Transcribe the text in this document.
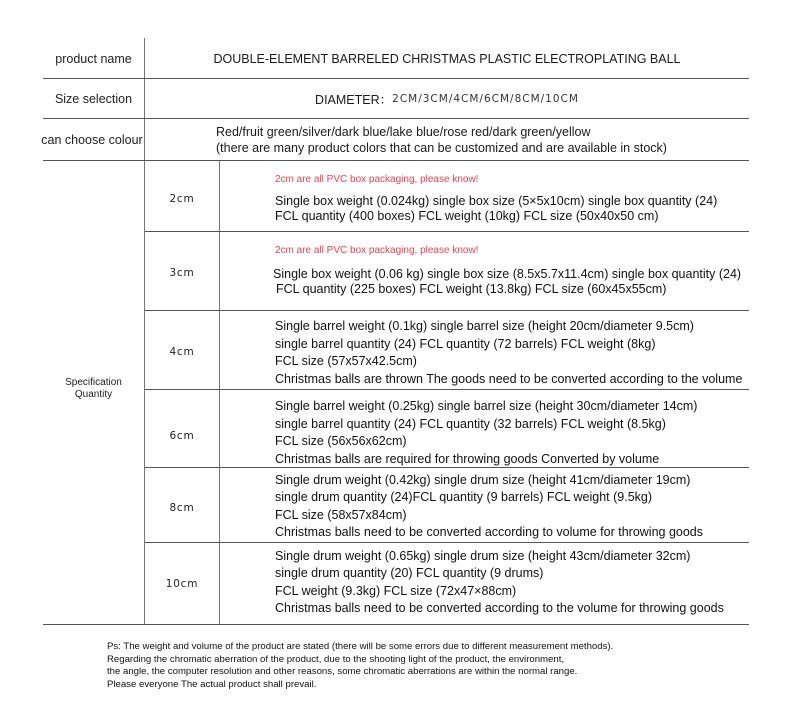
product name	DOUBLE-ELEMENT BARRELED CHRISTMAS PLASTIC ELECTROPLATING BALL
Size selection	DIAMETER： 2CM/3CM/4CM/6CM/8CM/10CM
can choose colour
Red/fruit green/silver/dark blue/lake blue/rose red/dark green/yellow
(there are many product colors that can be customized and are available in stock)
Specification
Quantity
2cm
2cm are all PVC box packaging, please know!
Single box weight (0.024kg) single box size (5×5x10cm) single box quantity (24)
FCL quantity (400 boxes) FCL weight (10kg) FCL size (50x40x50 cm)
3cm
2cm are all PVC box packaging, please know!
Single box weight (0.06 kg) single box size (8.5x5.7x11.4cm) single box quantity (24)
FCL quantity (225 boxes) FCL weight (13.8kg) FCL size (60x45x55cm)
4cm
Single barrel weight (0.1kg) single barrel size (height 20cm/diameter 9.5cm)
single barrel quantity (24) FCL quantity (72 barrels) FCL weight (8kg)
FCL size (57x57x42.5cm)
Christmas balls are thrown The goods need to be converted according to the volume
6cm
Single barrel weight (0.25kg) single barrel size (height 30cm/diameter 14cm)
single barrel quantity (24) FCL quantity (32 barrels) FCL weight (8.5kg)
FCL size (56x56x62cm)
Christmas balls are required for throwing goods Converted by volume
8cm
Single drum weight (0.42kg) single drum size (height 41cm/diameter 19cm)
single drum quantity (24)FCL quantity (9 barrels) FCL weight (9.5kg)
FCL size (58x57x84cm)
Christmas balls need to be converted according to volume for throwing goods
10cm
Single drum weight (0.65kg) single drum size (height 43cm/diameter 32cm)
single drum quantity (20) FCL quantity (9 drums)
FCL weight (9.3kg) FCL size (72x47×88cm)
Christmas balls need to be converted according to the volume for throwing goods
Ps: The weight and volume of the product are stated (there will be some errors due to different measurement methods).
Regarding the chromatic aberration of the product, due to the shooting light of the product, the environment,
the angle, the computer resolution and other reasons, some chromatic aberrations are within the normal range.
Please everyone The actual product shall prevail.
